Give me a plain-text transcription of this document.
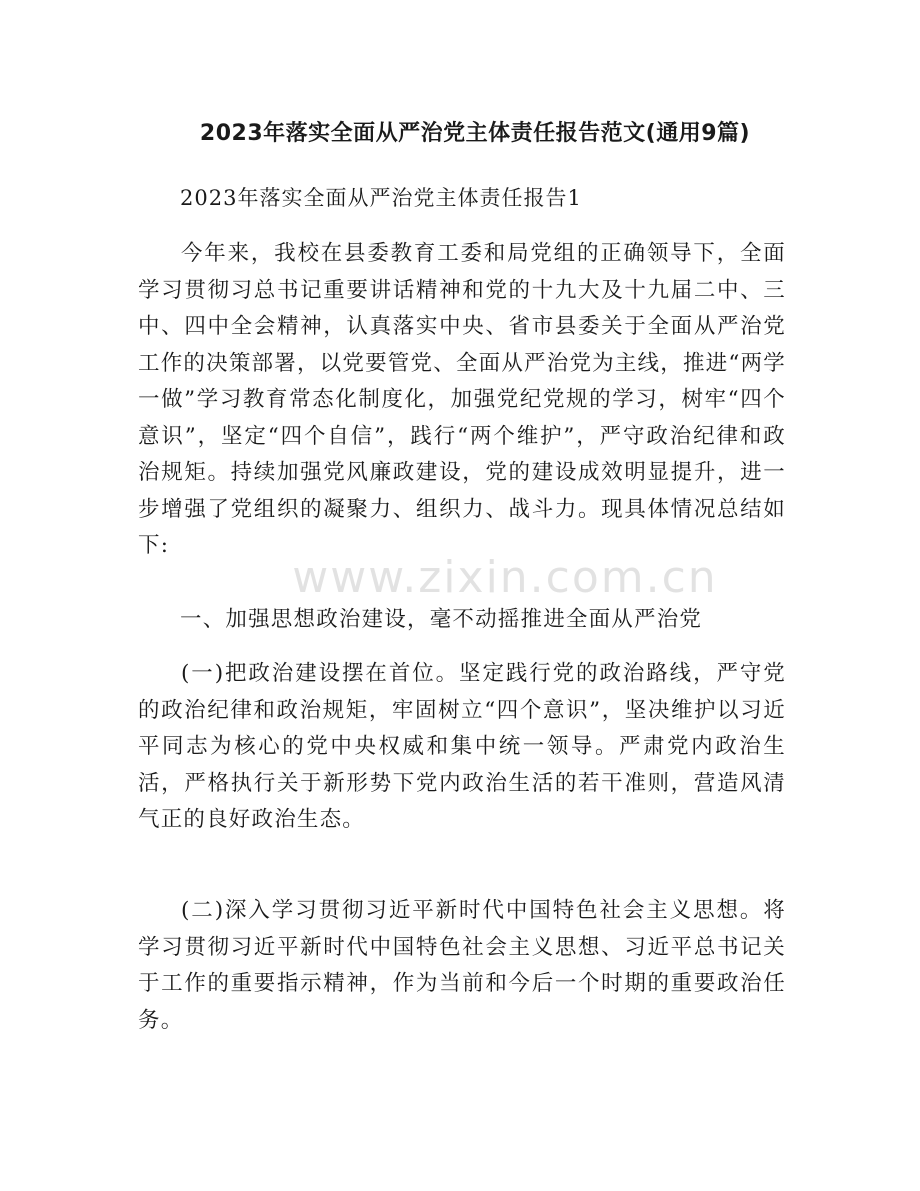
2023年落实全面从严治党主体责任报告范文(通用9篇)

2023年落实全面从严治党主体责任报告1

今年来，我校在县委教育工委和局党组的正确领导下，全面学习贯彻习总书记重要讲话精神和党的十九大及十九届二中、三中、四中全会精神，认真落实中央、省市县委关于全面从严治党工作的决策部署，以党要管党、全面从严治党为主线，推进“两学一做”学习教育常态化制度化，加强党纪党规的学习，树牢“四个意识”，坚定“四个自信”，践行“两个维护”，严守政治纪律和政治规矩。持续加强党风廉政建设，党的建设成效明显提升，进一步增强了党组织的凝聚力、组织力、战斗力。现具体情况总结如下:

一、加强思想政治建设，毫不动摇推进全面从严治党

(一)把政治建设摆在首位。坚定践行党的政治路线，严守党的政治纪律和政治规矩，牢固树立“四个意识”，坚决维护以习近平同志为核心的党中央权威和集中统一领导。严肃党内政治生活，严格执行关于新形势下党内政治生活的若干准则，营造风清气正的良好政治生态。

(二)深入学习贯彻习近平新时代中国特色社会主义思想。将学习贯彻习近平新时代中国特色社会主义思想、习近平总书记关于工作的重要指示精神，作为当前和今后一个时期的重要政治任务。

www.zixin.com.cn
